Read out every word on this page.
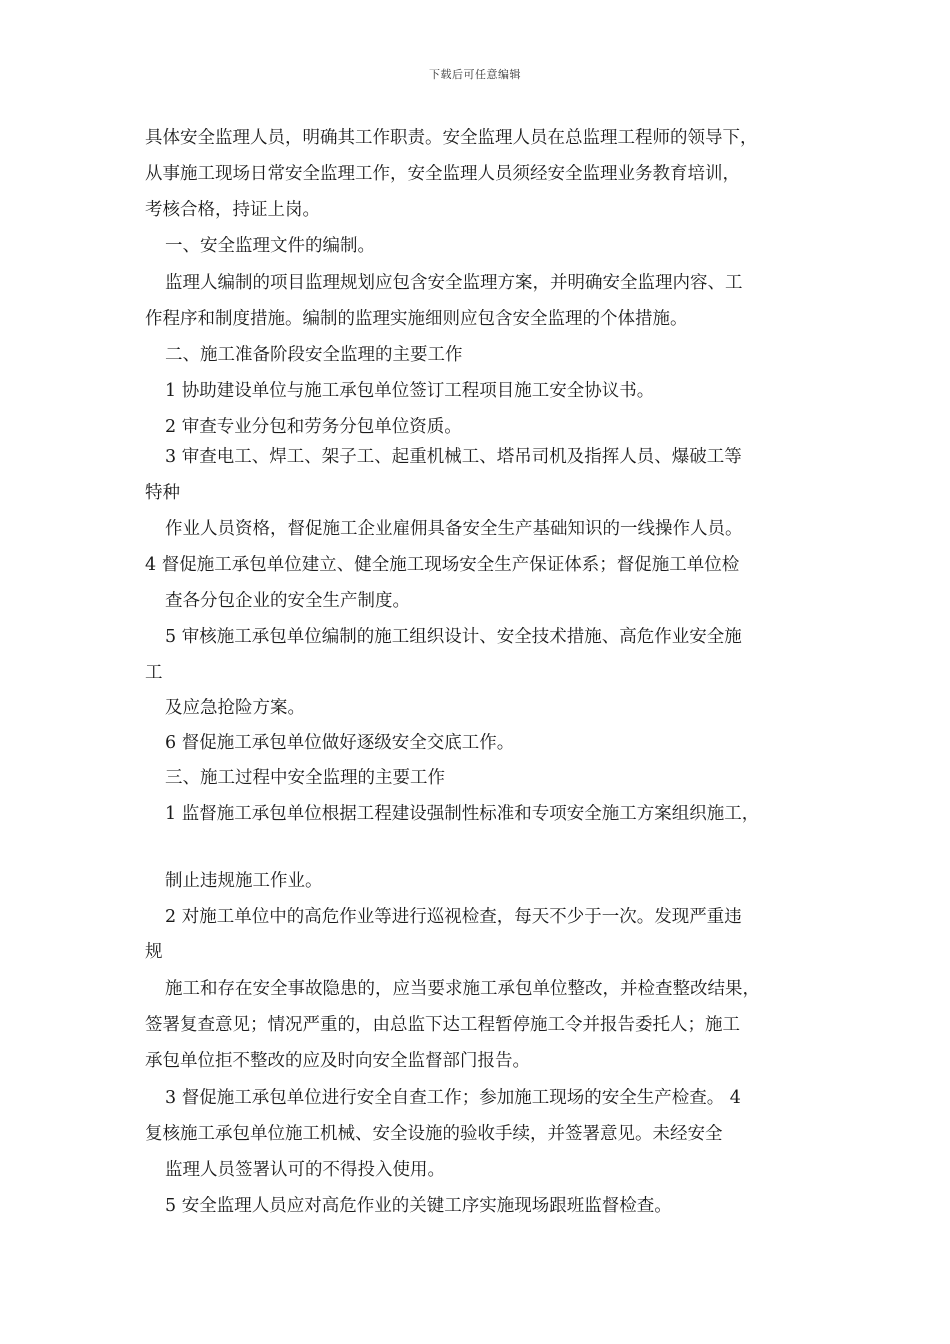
下载后可任意编辑
具体安全监理人员，明确其工作职责。安全监理人员在总监理工程师的领导下，
从事施工现场日常安全监理工作，安全监理人员须经安全监理业务教育培训，
考核合格，持证上岗。
一、安全监理文件的编制。
监理人编制的项目监理规划应包含安全监理方案，并明确安全监理内容、工
作程序和制度措施。编制的监理实施细则应包含安全监理的个体措施。
二、施工准备阶段安全监理的主要工作
1 协助建设单位与施工承包单位签订工程项目施工安全协议书。
2 审查专业分包和劳务分包单位资质。
3 审查电工、焊工、架子工、起重机械工、塔吊司机及指挥人员、爆破工等
特种
作业人员资格，督促施工企业雇佣具备安全生产基础知识的一线操作人员。
4 督促施工承包单位建立、健全施工现场安全生产保证体系；督促施工单位检
查各分包企业的安全生产制度。
5 审核施工承包单位编制的施工组织设计、安全技术措施、高危作业安全施
工
及应急抢险方案。
6 督促施工承包单位做好逐级安全交底工作。
三、施工过程中安全监理的主要工作
1 监督施工承包单位根据工程建设强制性标准和专项安全施工方案组织施工，
制止违规施工作业。
2 对施工单位中的高危作业等进行巡视检查，每天不少于一次。发现严重违
规
施工和存在安全事故隐患的，应当要求施工承包单位整改，并检查整改结果，
签署复查意见；情况严重的，由总监下达工程暂停施工令并报告委托人；施工
承包单位拒不整改的应及时向安全监督部门报告。
3 督促施工承包单位进行安全自查工作；参加施工现场的安全生产检查。 4
复核施工承包单位施工机械、安全设施的验收手续，并签署意见。未经安全
监理人员签署认可的不得投入使用。
5 安全监理人员应对高危作业的关键工序实施现场跟班监督检查。
